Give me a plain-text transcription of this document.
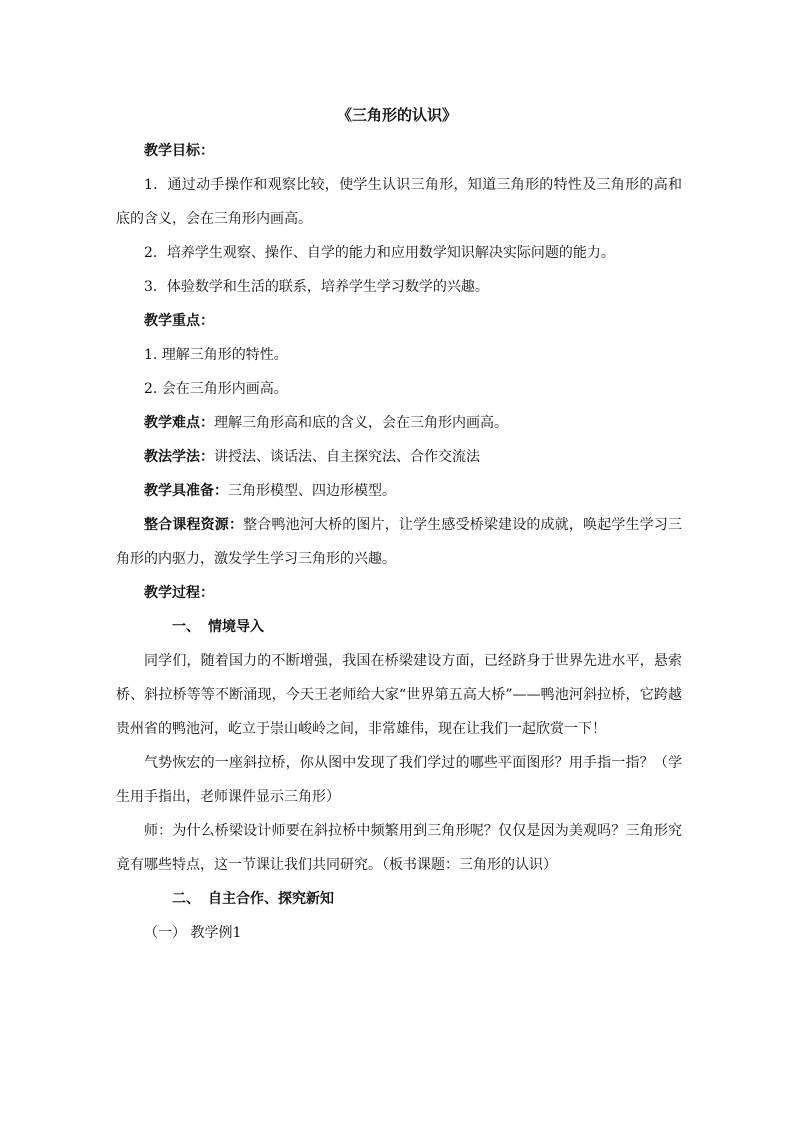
《三角形的认识》

教学目标：

1．通过动手操作和观察比较，使学生认识三角形，知道三角形的特性及三角形的高和底的含义，会在三角形内画高。

2．培养学生观察、操作、自学的能力和应用数学知识解决实际问题的能力。

3．体验数学和生活的联系，培养学生学习数学的兴趣。

教学重点：

1. 理解三角形的特性。

2. 会在三角形内画高。

教学难点：理解三角形高和底的含义，会在三角形内画高。

教法学法：讲授法、谈话法、自主探究法、合作交流法

教学具准备：三角形模型、四边形模型。

整合课程资源：整合鸭池河大桥的图片，让学生感受桥梁建设的成就，唤起学生学习三角形的内驱力，激发学生学习三角形的兴趣。

教学过程：

一、 情境导入

同学们，随着国力的不断增强，我国在桥梁建设方面，已经跻身于世界先进水平，悬索桥、斜拉桥等等不断涌现，今天王老师给大家“世界第五高大桥”——鸭池河斜拉桥，它跨越贵州省的鸭池河，屹立于崇山峻岭之间，非常雄伟，现在让我们一起欣赏一下！

气势恢宏的一座斜拉桥，你从图中发现了我们学过的哪些平面图形？用手指一指？（学生用手指出，老师课件显示三角形）

师：为什么桥梁设计师要在斜拉桥中频繁用到三角形呢？仅仅是因为美观吗？三角形究竟有哪些特点，这一节课让我们共同研究。（板书课题：三角形的认识）

二、 自主合作、探究新知

（一） 教学例1
